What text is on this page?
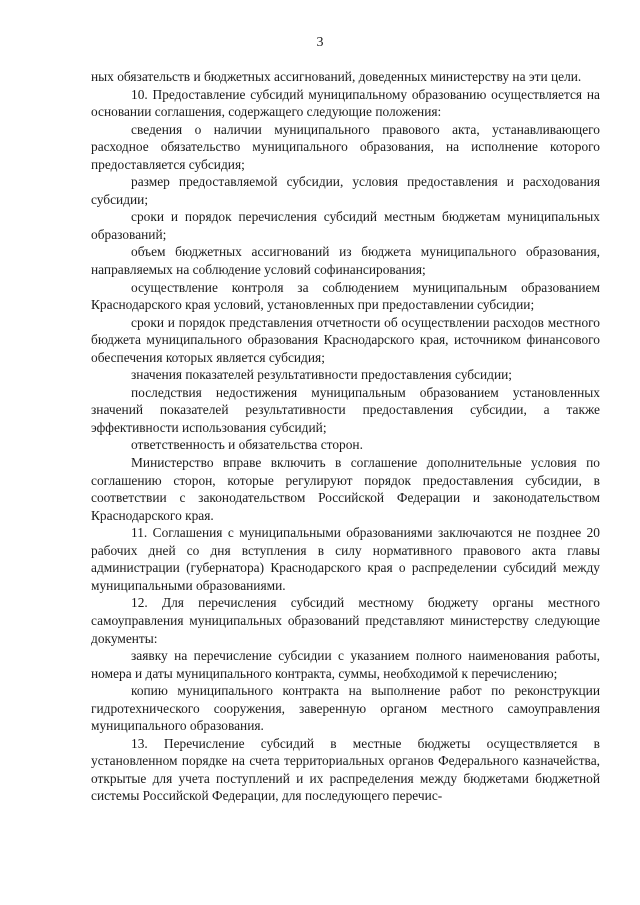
3

ных обязательств и бюджетных ассигнований, доведенных министерству на эти цели.

10. Предоставление субсидий муниципальному образованию осуществляется на основании соглашения, содержащего следующие положения:

сведения о наличии муниципального правового акта, устанавливающего расходное обязательство муниципального образования, на исполнение которого предоставляется субсидия;

размер предоставляемой субсидии, условия предоставления и расходования субсидии;

сроки и порядок перечисления субсидий местным бюджетам муниципальных образований;

объем бюджетных ассигнований из бюджета муниципального образования, направляемых на соблюдение условий софинансирования;

осуществление контроля за соблюдением муниципальным образованием Краснодарского края условий, установленных при предоставлении субсидии;

сроки и порядок представления отчетности об осуществлении расходов местного бюджета муниципального образования Краснодарского края, источником финансового обеспечения которых является субсидия;

значения показателей результативности предоставления субсидии;

последствия недостижения муниципальным образованием установленных значений показателей результативности предоставления субсидии, а также эффективности использования субсидий;

ответственность и обязательства сторон.

Министерство вправе включить в соглашение дополнительные условия по соглашению сторон, которые регулируют порядок предоставления субсидии, в соответствии с законодательством Российской Федерации и законодательством Краснодарского края.

11. Соглашения с муниципальными образованиями заключаются не позднее 20 рабочих дней со дня вступления в силу нормативного правового акта главы администрации (губернатора) Краснодарского края о распределении субсидий между муниципальными образованиями.

12. Для перечисления субсидий местному бюджету органы местного самоуправления муниципальных образований представляют министерству следующие документы:

заявку на перечисление субсидии с указанием полного наименования работы, номера и даты муниципального контракта, суммы, необходимой к перечислению;

копию муниципального контракта на выполнение работ по реконструкции гидротехнического сооружения, заверенную органом местного самоуправления муниципального образования.

13. Перечисление субсидий в местные бюджеты осуществляется в установленном порядке на счета территориальных органов Федерального казначейства, открытые для учета поступлений и их распределения между бюджетами бюджетной системы Российской Федерации, для последующего перечис-
